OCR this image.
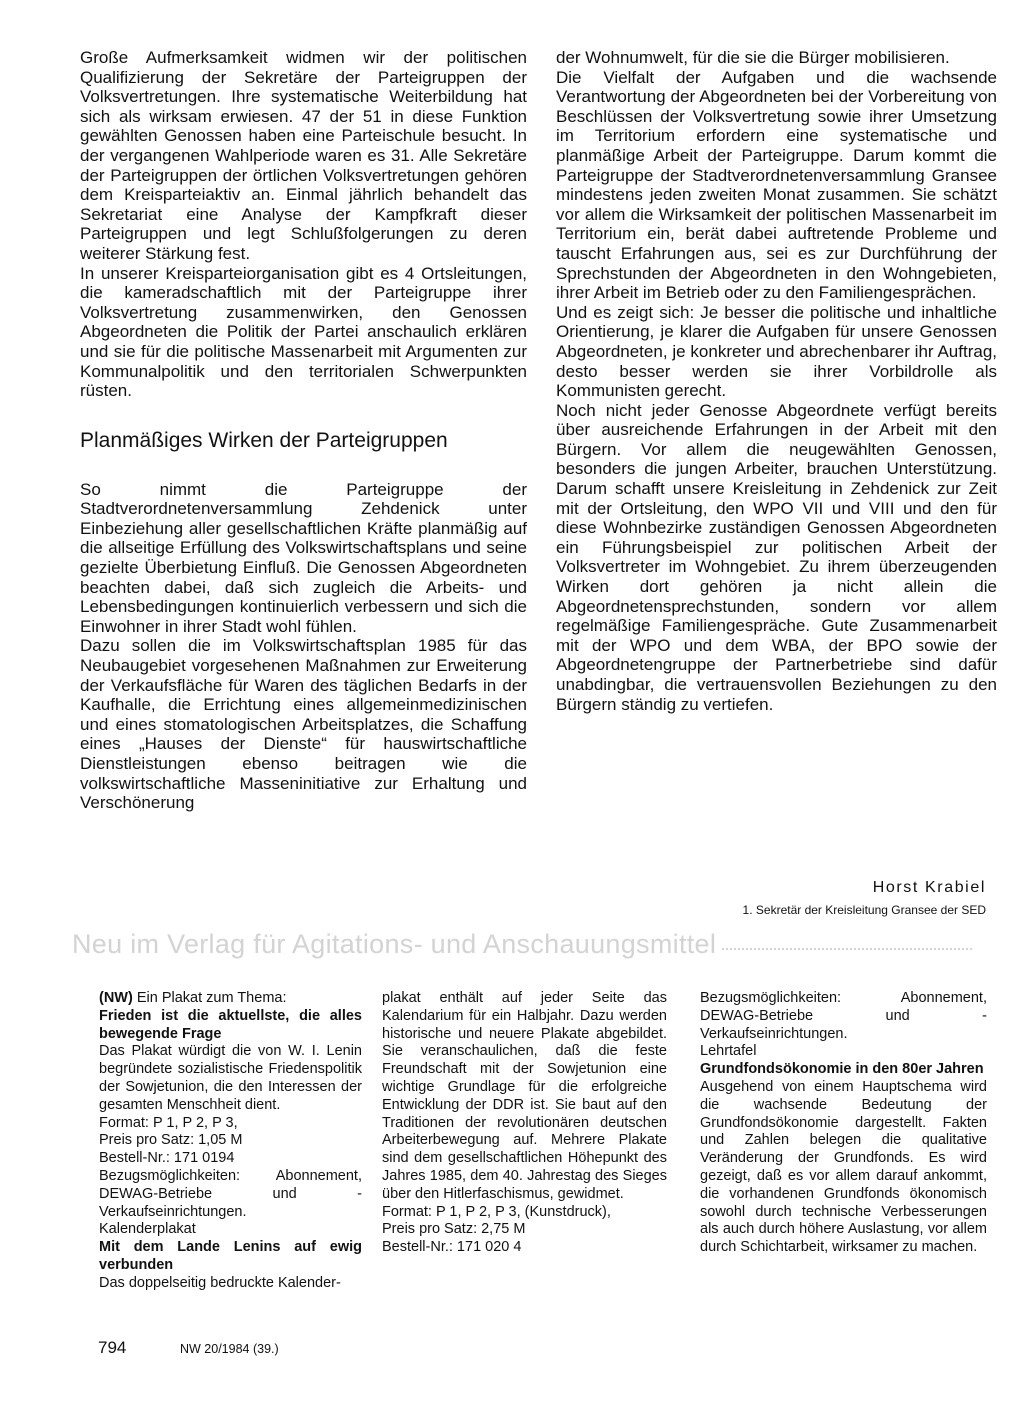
Große Aufmerksamkeit widmen wir der politischen Qualifizierung der Sekretäre der Parteigruppen der Volksvertretungen. Ihre systematische Weiterbildung hat sich als wirksam erwiesen. 47 der 51 in diese Funktion gewählten Genossen haben eine Parteischule besucht. In der vergangenen Wahlperiode waren es 31. Alle Sekretäre der Parteigruppen der örtlichen Volksvertretungen gehören dem Kreisparteiaktiv an. Einmal jährlich behandelt das Sekretariat eine Analyse der Kampfkraft dieser Parteigruppen und legt Schlußfolgerungen zu deren weiterer Stärkung fest.

In unserer Kreisparteiorganisation gibt es 4 Ortsleitungen, die kameradschaftlich mit der Parteigruppe ihrer Volksvertretung zusammenwirken, den Genossen Abgeordneten die Politik der Partei anschaulich erklären und sie für die politische Massenarbeit mit Argumenten zur Kommunalpolitik und den territorialen Schwerpunkten rüsten.

Planmäßiges Wirken der Parteigruppen

So nimmt die Parteigruppe der Stadtverordnetenversammlung Zehdenick unter Einbeziehung aller gesellschaftlichen Kräfte planmäßig auf die allseitige Erfüllung des Volkswirtschaftsplans und seine gezielte Überbietung Einfluß. Die Genossen Abgeordneten beachten dabei, daß sich zugleich die Arbeits- und Lebensbedingungen kontinuierlich verbessern und sich die Einwohner in ihrer Stadt wohl fühlen.

Dazu sollen die im Volkswirtschaftsplan 1985 für das Neubaugebiet vorgesehenen Maßnahmen zur Erweiterung der Verkaufsfläche für Waren des täglichen Bedarfs in der Kaufhalle, die Errichtung eines allgemeinmedizinischen und eines stomatologischen Arbeitsplatzes, die Schaffung eines „Hauses der Dienste“ für hauswirtschaftliche Dienstleistungen ebenso beitragen wie die volkswirtschaftliche Masseninitiative zur Erhaltung und Verschönerung

der Wohnumwelt, für die sie die Bürger mobilisieren.

Die Vielfalt der Aufgaben und die wachsende Verantwortung der Abgeordneten bei der Vorbereitung von Beschlüssen der Volksvertretung sowie ihrer Umsetzung im Territorium erfordern eine systematische und planmäßige Arbeit der Parteigruppe. Darum kommt die Parteigruppe der Stadtverordnetenversammlung Gransee mindestens jeden zweiten Monat zusammen. Sie schätzt vor allem die Wirksamkeit der politischen Massenarbeit im Territorium ein, berät dabei auftretende Probleme und tauscht Erfahrungen aus, sei es zur Durchführung der Sprechstunden der Abgeordneten in den Wohngebieten, ihrer Arbeit im Betrieb oder zu den Familiengesprächen.

Und es zeigt sich: Je besser die politische und inhaltliche Orientierung, je klarer die Aufgaben für unsere Genossen Abgeordneten, je konkreter und abrechenbarer ihr Auftrag, desto besser werden sie ihrer Vorbildrolle als Kommunisten gerecht.

Noch nicht jeder Genosse Abgeordnete verfügt bereits über ausreichende Erfahrungen in der Arbeit mit den Bürgern. Vor allem die neugewählten Genossen, besonders die jungen Arbeiter, brauchen Unterstützung. Darum schafft unsere Kreisleitung in Zehdenick zur Zeit mit der Ortsleitung, den WPO VII und VIII und den für diese Wohnbezirke zuständigen Genossen Abgeordneten ein Führungsbeispiel zur politischen Arbeit der Volksvertreter im Wohngebiet. Zu ihrem überzeugenden Wirken dort gehören ja nicht allein die Abgeordnetensprechstunden, sondern vor allem regelmäßige Familiengespräche. Gute Zusammenarbeit mit der WPO und dem WBA, der BPO sowie der Abgeordnetengruppe der Partnerbetriebe sind dafür unabdingbar, die vertrauensvollen Beziehungen zu den Bürgern ständig zu vertiefen.

Horst Krabiel
1. Sekretär der Kreisleitung Gransee der SED
Neu im Verlag für Agitations- und Anschauungsmittel

(NW) Ein Plakat zum Thema:

Frieden ist die aktuellste, die alles bewegende Frage

Das Plakat würdigt die von W. I. Lenin begründete sozialistische Friedenspolitik der Sowjetunion, die den Interessen der gesamten Menschheit dient.

Format: P 1, P 2, P 3,

Preis pro Satz: 1,05 M

Bestell-Nr.: 171 0194

Bezugsmöglichkeiten: Abonnement, DEWAG-Betriebe und -Verkaufseinrichtungen.

Kalenderplakat

Mit dem Lande Lenins auf ewig verbunden

Das doppelseitig bedruckte Kalender-

plakat enthält auf jeder Seite das Kalendarium für ein Halbjahr. Dazu werden historische und neuere Plakate abgebildet. Sie veranschaulichen, daß die feste Freundschaft mit der Sowjetunion eine wichtige Grundlage für die erfolgreiche Entwicklung der DDR ist. Sie baut auf den Traditionen der revolutionären deutschen Arbeiterbewegung auf. Mehrere Plakate sind dem gesellschaftlichen Höhepunkt des Jahres 1985, dem 40. Jahrestag des Sieges über den Hitlerfaschismus, gewidmet.

Format: P 1, P 2, P 3, (Kunstdruck),

Preis pro Satz: 2,75 M

Bestell-Nr.: 171 020 4

Bezugsmöglichkeiten: Abonnement, DEWAG-Betriebe und -Verkaufseinrichtungen.

Lehrtafel

Grundfondsökonomie in den 80er Jahren

Ausgehend von einem Hauptschema wird die wachsende Bedeutung der Grundfondsökonomie dargestellt. Fakten und Zahlen belegen die qualitative Veränderung der Grundfonds. Es wird gezeigt, daß es vor allem darauf ankommt, die vorhandenen Grundfonds ökonomisch sowohl durch technische Verbesserungen als auch durch höhere Auslastung, vor allem durch Schichtarbeit, wirksamer zu machen.

794	NW 20/1984 (39.)
